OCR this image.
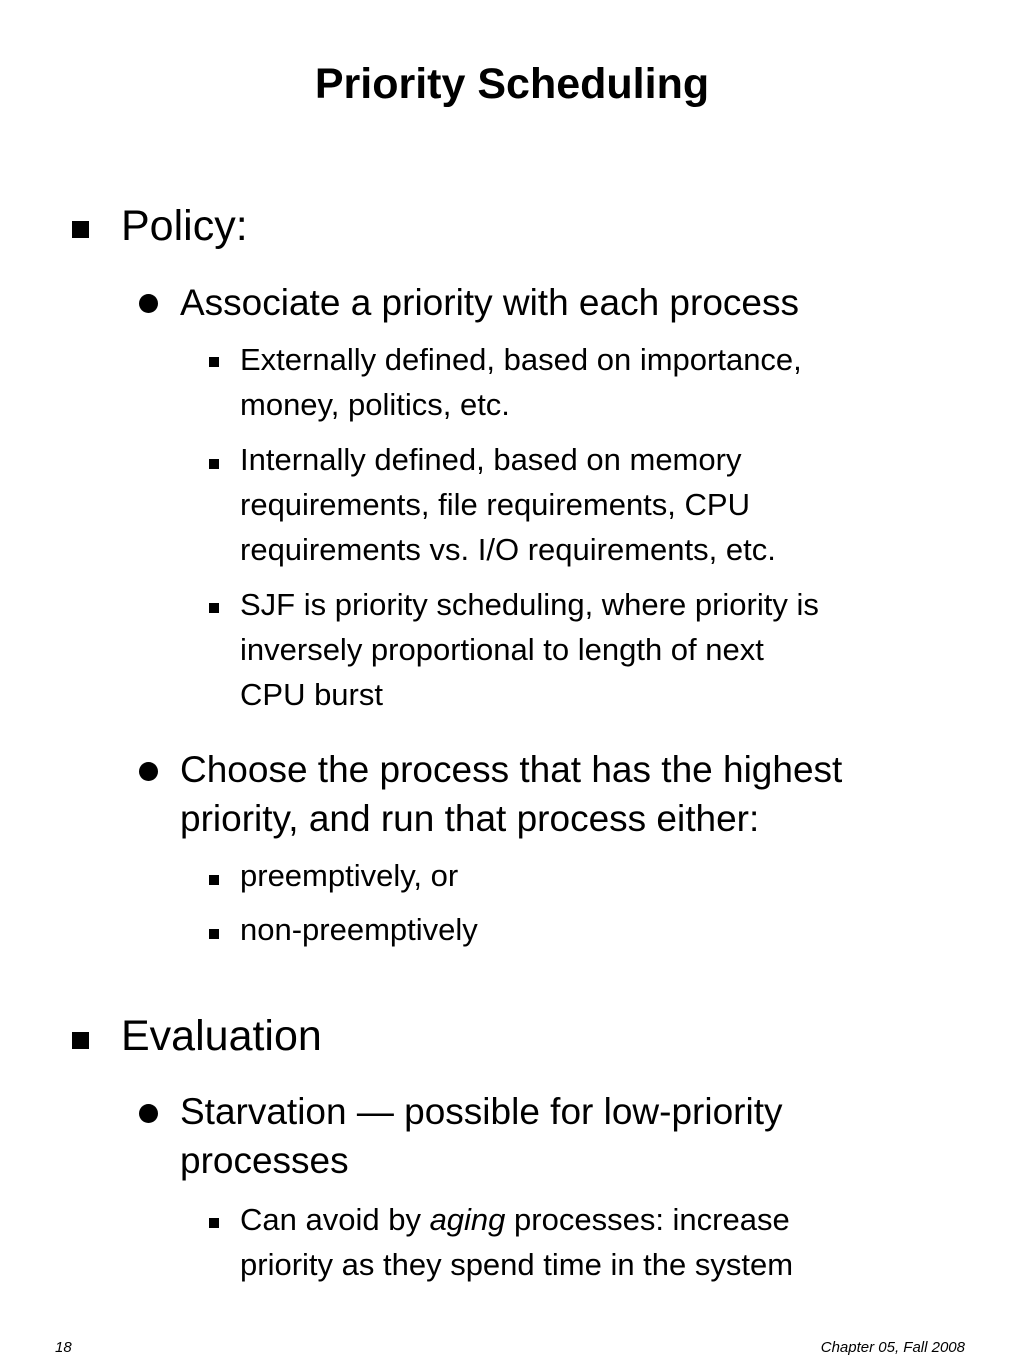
Priority Scheduling
Policy:
Associate a priority with each process
Externally defined, based on importance,
money, politics, etc.
Internally defined, based on memory
requirements, file requirements, CPU
requirements vs. I/O requirements, etc.
SJF is priority scheduling, where priority is
inversely proportional to length of next
CPU burst
Choose the process that has the highest
priority, and run that process either:
preemptively, or
non-preemptively
Evaluation
Starvation — possible for low-priority
processes
Can avoid by aging processes: increase
priority as they spend time in the system
18	Chapter 05, Fall 2008
